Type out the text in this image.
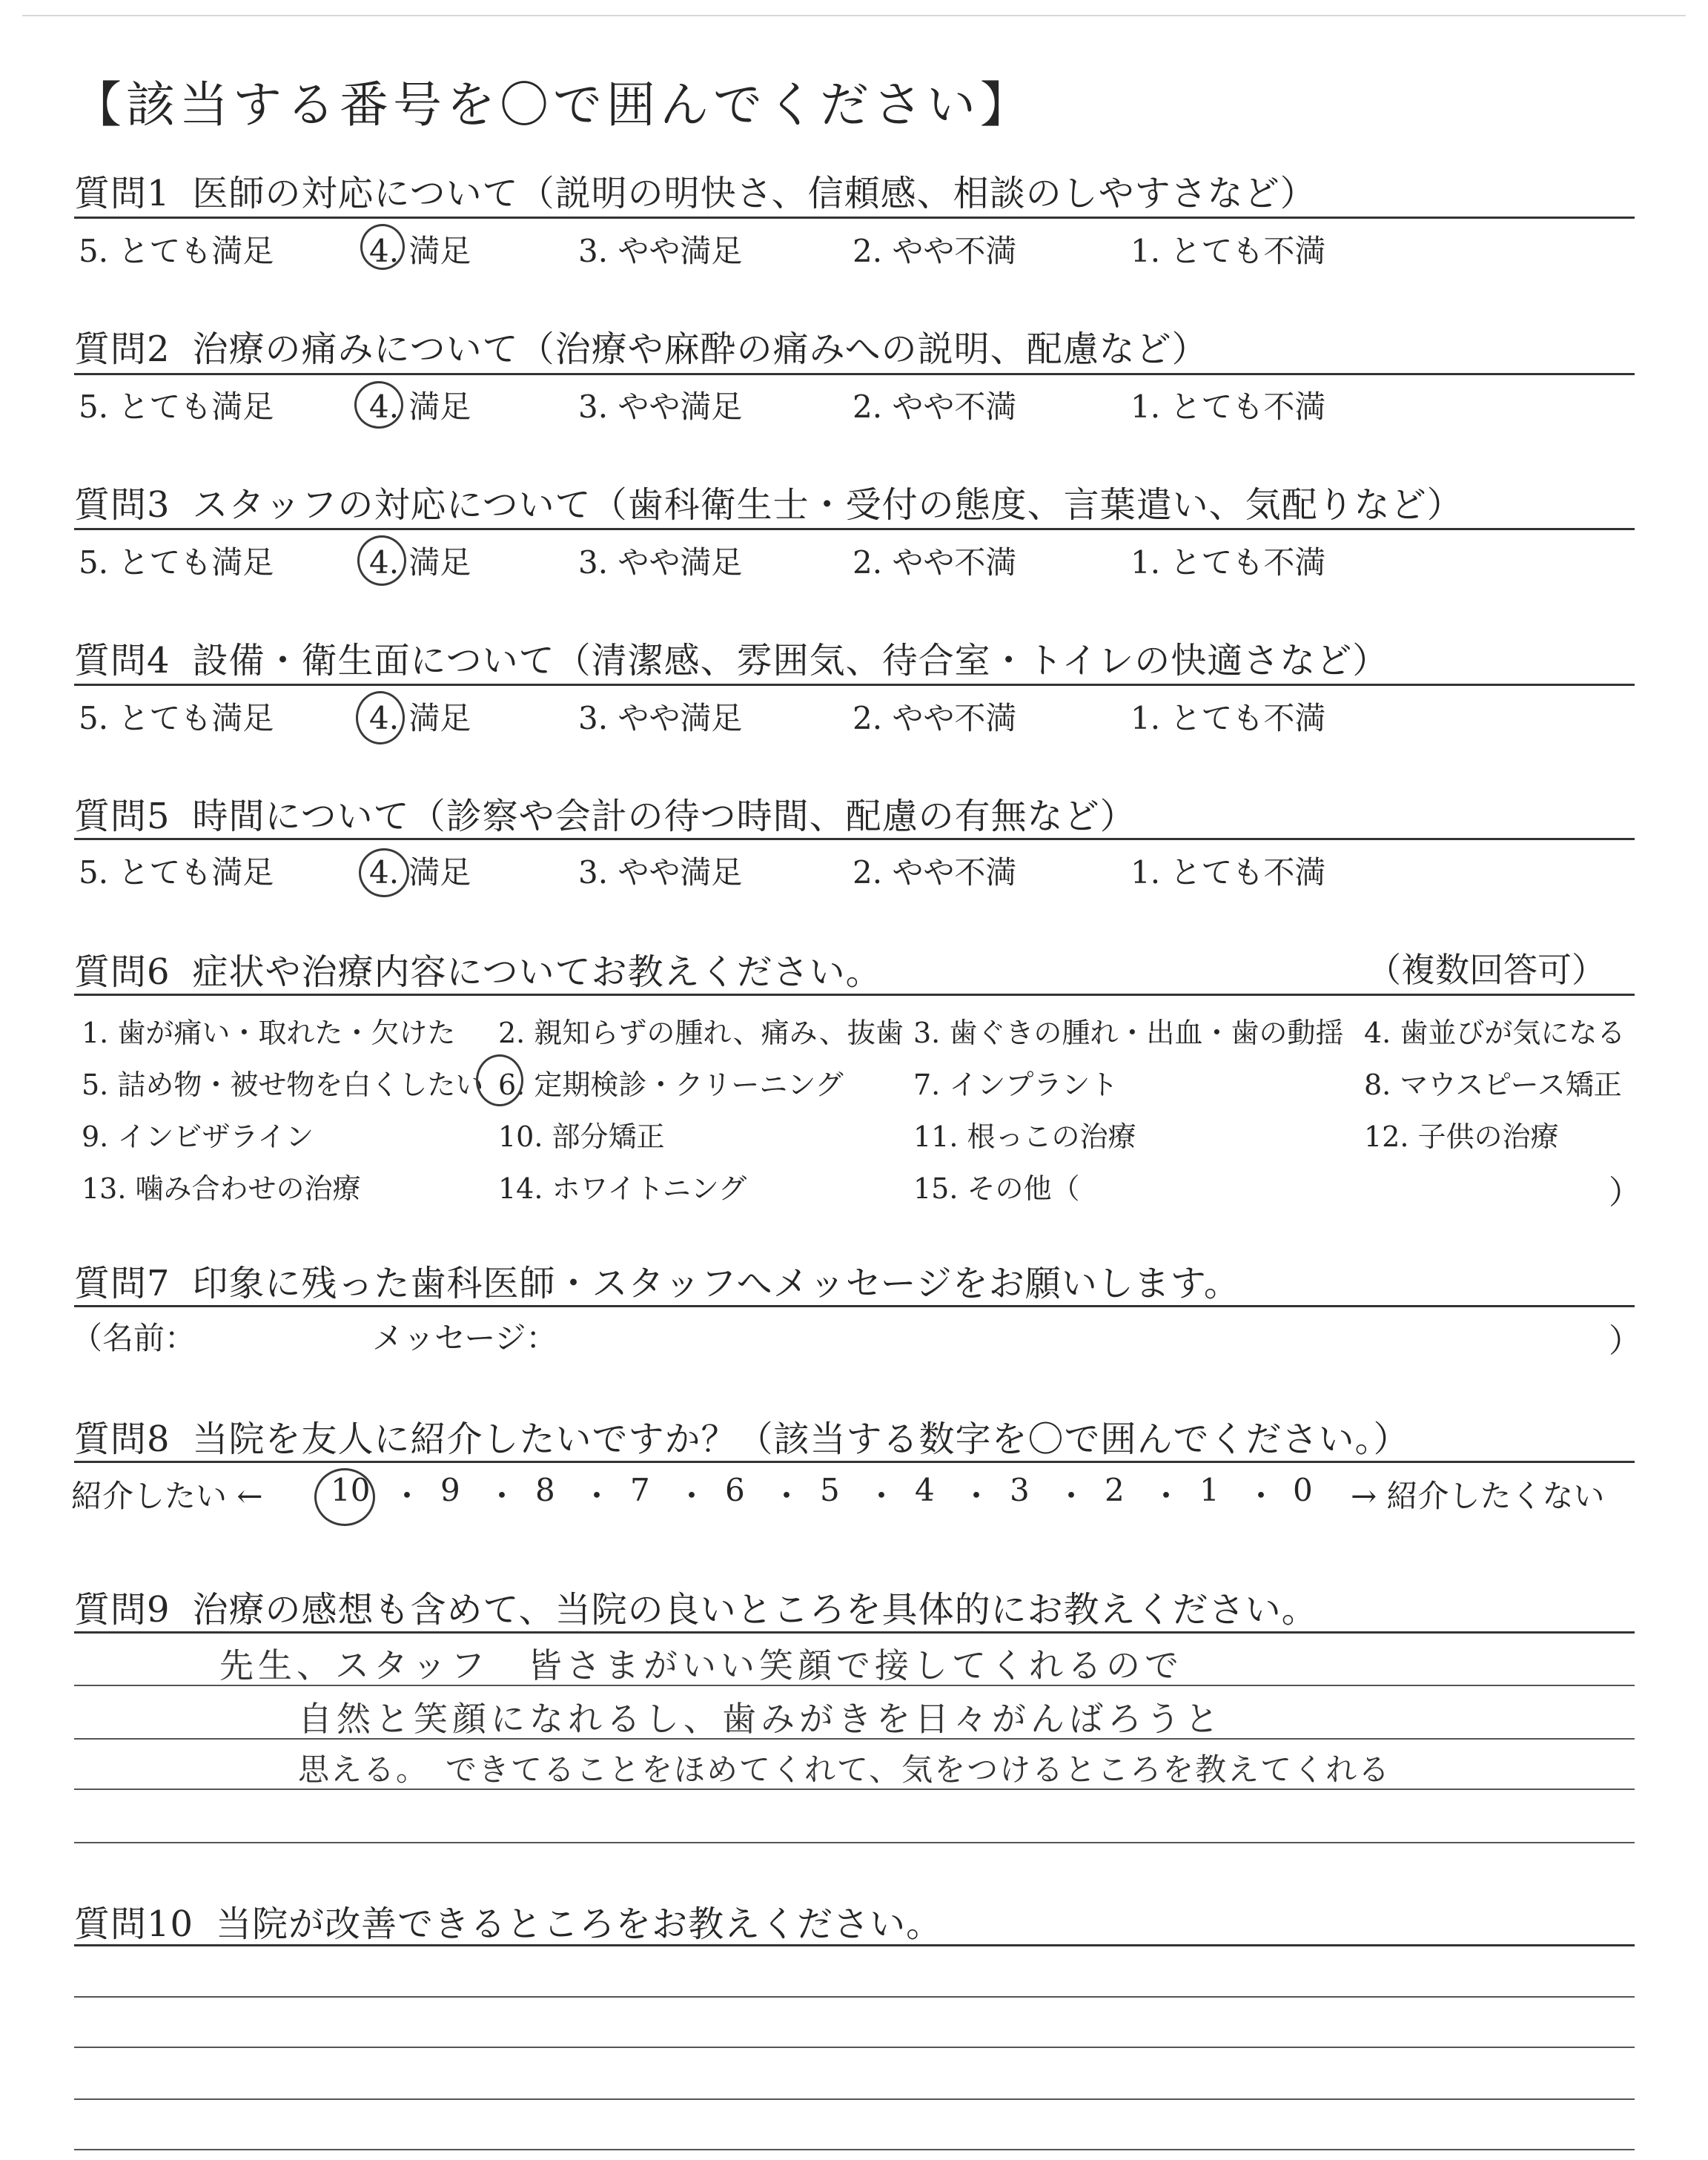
【該当する番号を〇で囲んでください】
質問1 医師の対応について（説明の明快さ、信頼感、相談のしやすさなど）
5. とても満足	4. 満足	3. やや満足	2. やや不満	1. とても不満
質問2 治療の痛みについて（治療や麻酔の痛みへの説明、配慮など）
5. とても満足	4. 満足	3. やや満足	2. やや不満	1. とても不満
質問3 スタッフの対応について（歯科衛生士・受付の態度、言葉遣い、気配りなど）
5. とても満足	4. 満足	3. やや満足	2. やや不満	1. とても不満
質問4 設備・衛生面について（清潔感、雰囲気、待合室・トイレの快適さなど）
5. とても満足	4. 満足	3. やや満足	2. やや不満	1. とても不満
質問5 時間について（診察や会計の待つ時間、配慮の有無など）
5. とても満足	4. 満足	3. やや満足	2. やや不満	1. とても不満
質問6 症状や治療内容についてお教えください。	（複数回答可）
1. 歯が痛い・取れた・欠けた 2. 親知らずの腫れ、痛み、抜歯 3. 歯ぐきの腫れ・出血・歯の動揺 4. 歯並びが気になる
5. 詰め物・被せ物を白くしたい 6. 定期検診・クリーニング 7. インプラント	8. マウスピース矯正
9. インビザライン	10. 部分矯正	11. 根っこの治療	12. 子供の治療
13. 噛み合わせの治療	14. ホワイトニング	15. その他（	）
質問7 印象に残った歯科医師・スタッフへメッセージをお願いします。
（名前：	メッセージ：	）
質問8 当院を友人に紹介したいですか？（該当する数字を〇で囲んでください。）
紹介したい ← 10 ・ 9 ・ 8 ・ 7 ・ 6 ・ 5 ・ 4 ・ 3 ・ 2 ・ 1 ・ 0 → 紹介したくない
質問9 治療の感想も含めて、当院の良いところを具体的にお教えください。
先生、スタッフ　皆さまがいい笑顔で接してくれるので
自然と笑顔になれるし、歯みがきを日々がんばろうと
思える。　できてることをほめてくれて、気をつけるところを教えてくれる
質問10 当院が改善できるところをお教えください。
